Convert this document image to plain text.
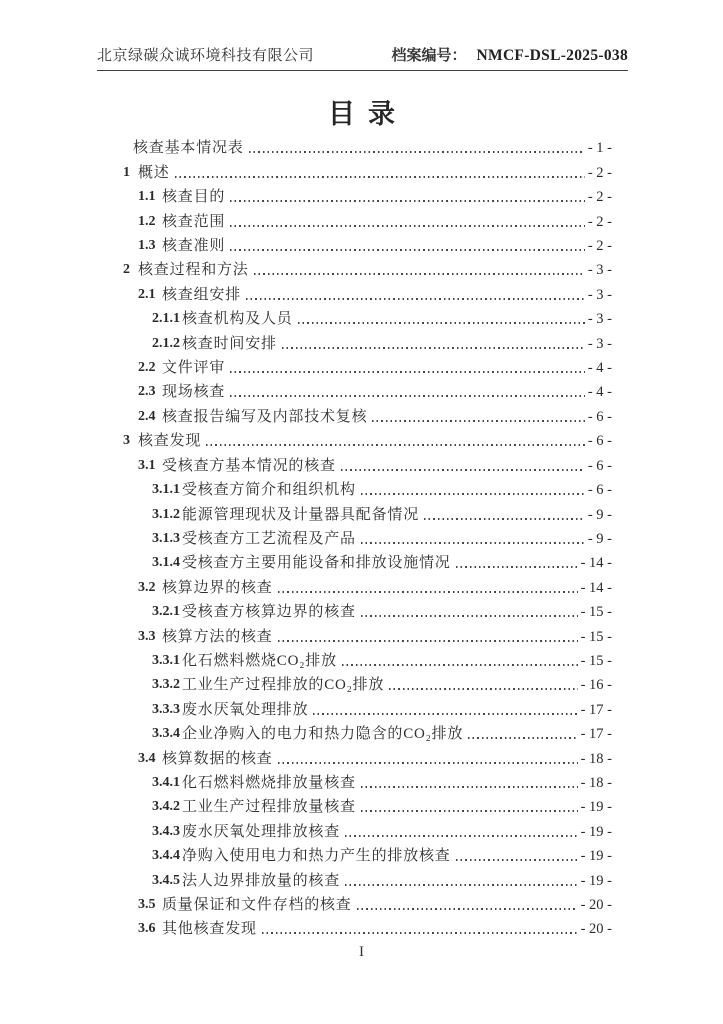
北京绿碳众诚环境科技有限公司	档案编号： NMCF-DSL-2025-038
目录
核查基本情况表	- 1 -
1 概述	- 2 -
1.1 核查目的	- 2 -
1.2 核查范围	- 2 -
1.3 核查准则	- 2 -
2 核查过程和方法	- 3 -
2.1 核查组安排	- 3 -
2.1.1 核查机构及人员	- 3 -
2.1.2 核查时间安排	- 3 -
2.2 文件评审	- 4 -
2.3 现场核查	- 4 -
2.4 核查报告编写及内部技术复核	- 6 -
3 核查发现	- 6 -
3.1 受核查方基本情况的核查	- 6 -
3.1.1 受核查方简介和组织机构	- 6 -
3.1.2 能源管理现状及计量器具配备情况	- 9 -
3.1.3 受核查方工艺流程及产品	- 9 -
3.1.4 受核查方主要用能设备和排放设施情况	- 14 -
3.2 核算边界的核查	- 14 -
3.2.1 受核查方核算边界的核查	- 15 -
3.3 核算方法的核查	- 15 -
3.3.1 化石燃料燃烧CO₂排放	- 15 -
3.3.2 工业生产过程排放的CO₂排放	- 16 -
3.3.3 废水厌氧处理排放	- 17 -
3.3.4 企业净购入的电力和热力隐含的CO₂排放	- 17 -
3.4 核算数据的核查	- 18 -
3.4.1 化石燃料燃烧排放量核查	- 18 -
3.4.2 工业生产过程排放量核查	- 19 -
3.4.3 废水厌氧处理排放核查	- 19 -
3.4.4 净购入使用电力和热力产生的排放核查	- 19 -
3.4.5 法人边界排放量的核查	- 19 -
3.5 质量保证和文件存档的核查	- 20 -
3.6 其他核查发现	- 20 -
I
